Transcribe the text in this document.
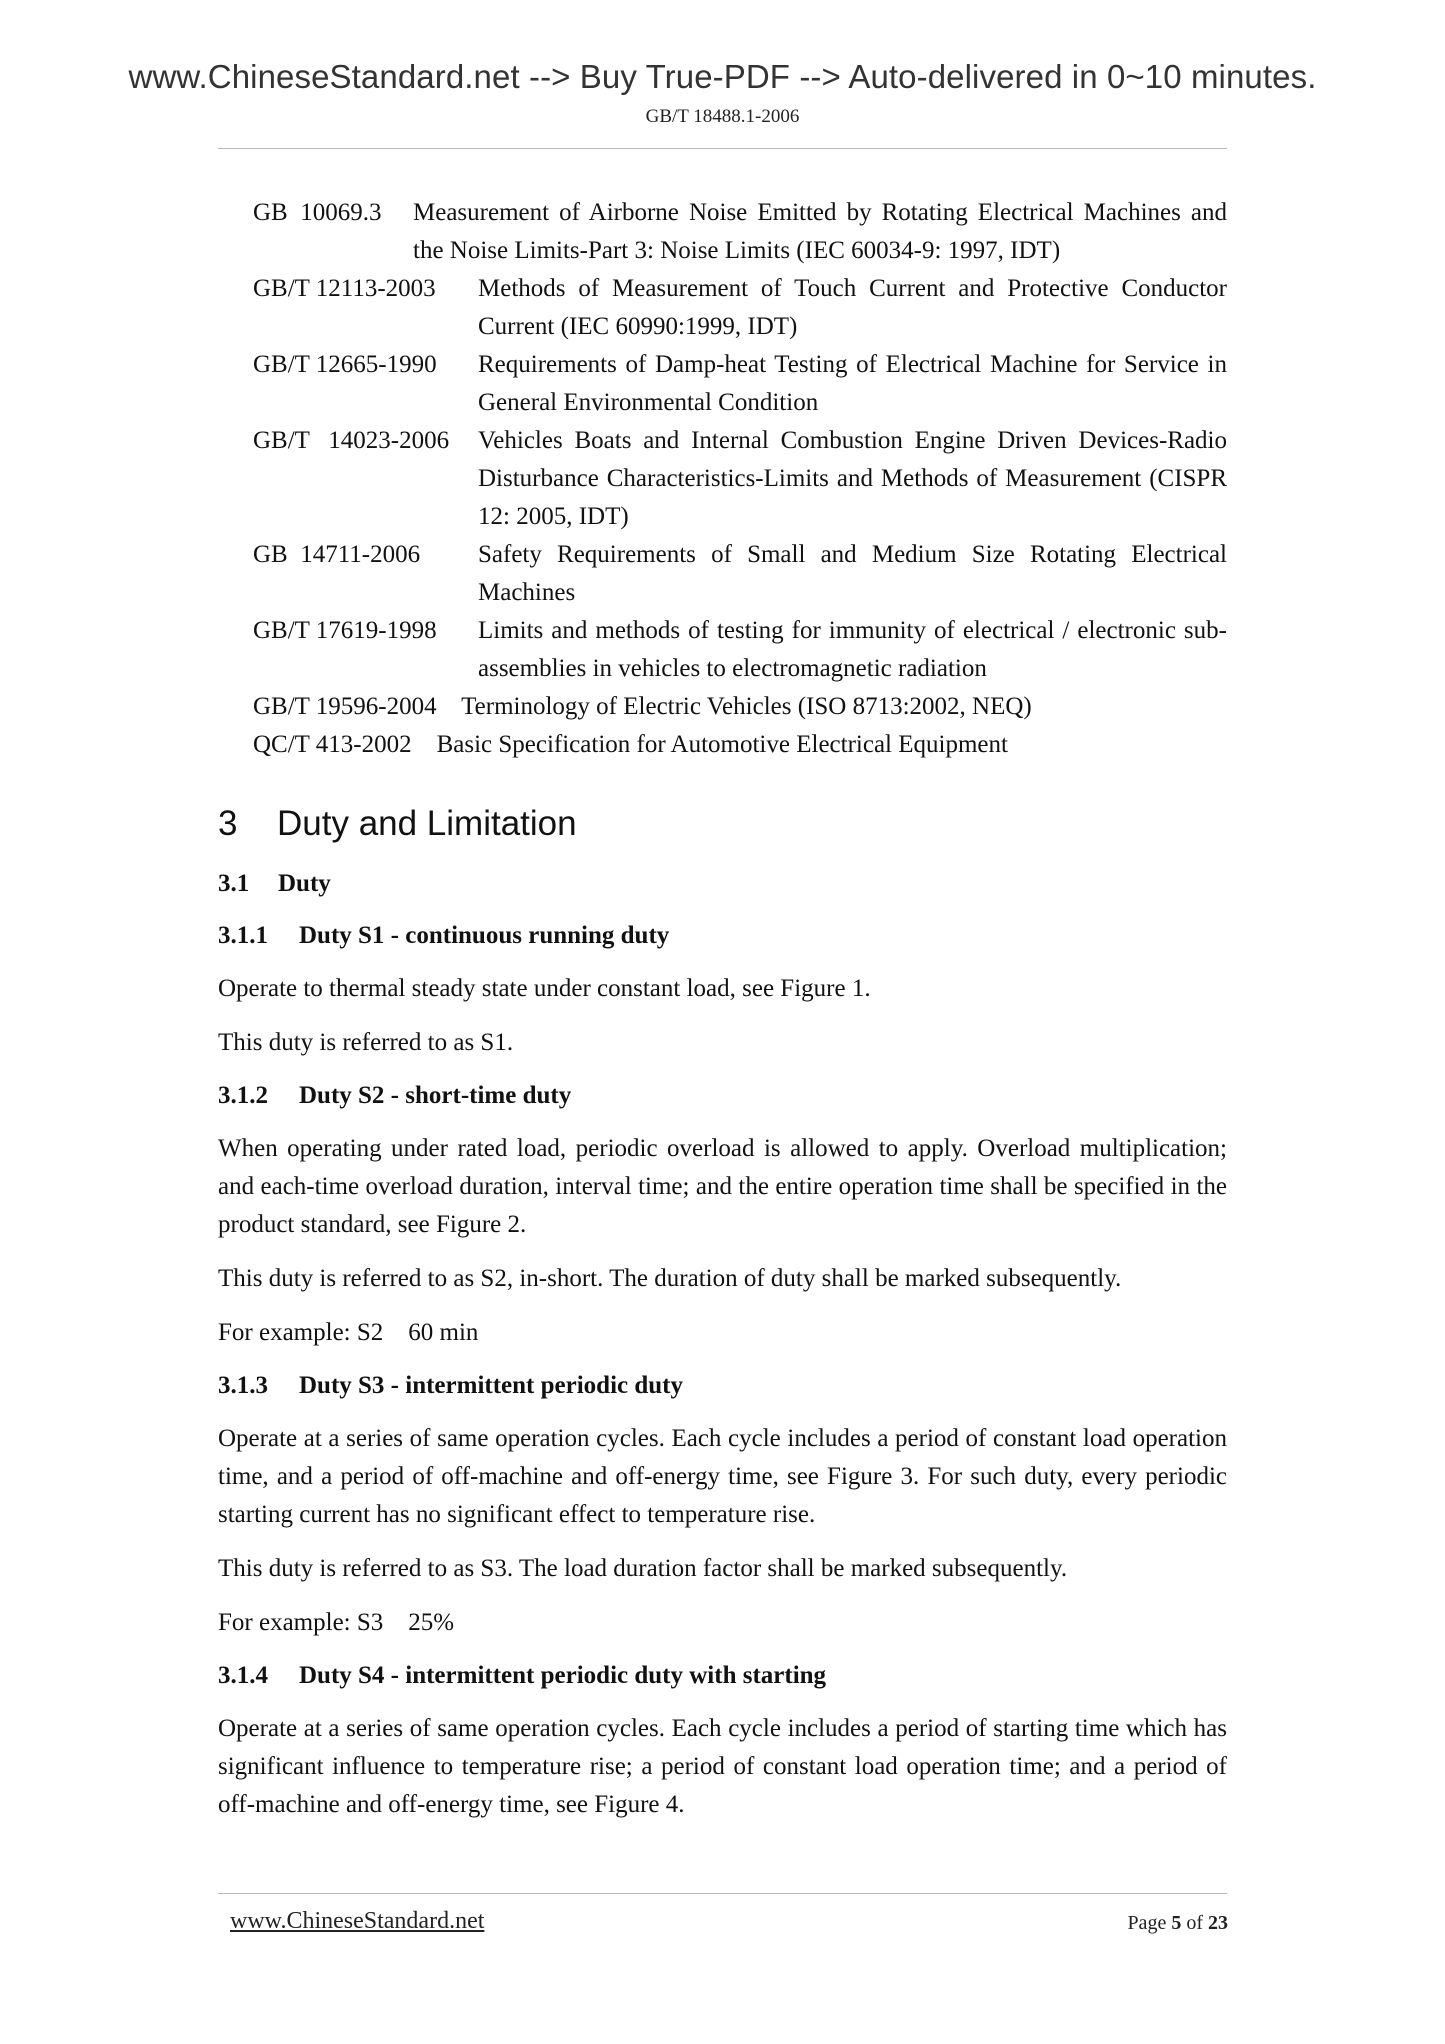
www.ChineseStandard.net --> Buy True-PDF --> Auto-delivered in 0~10 minutes.
GB/T 18488.1-2006
GB  10069.3 Measurement of Airborne Noise Emitted by Rotating Electrical Machines and the Noise Limits-Part 3: Noise Limits (IEC 60034-9: 1997, IDT)
GB/T 12113-2003 Methods of Measurement of Touch Current and Protective Conductor Current (IEC 60990:1999, IDT)
GB/T 12665-1990 Requirements of Damp-heat Testing of Electrical Machine for Service in General Environmental Condition
GB/T   14023-2006 Vehicles Boats and Internal Combustion Engine Driven Devices-Radio Disturbance Characteristics-Limits and Methods of Measurement (CISPR 12: 2005, IDT)
GB  14711-2006 Safety Requirements of Small and Medium Size Rotating Electrical Machines
GB/T 17619-1998 Limits and methods of testing for immunity of electrical / electronic sub-assemblies in vehicles to electromagnetic radiation
GB/T 19596-2004 Terminology of Electric Vehicles (ISO 8713:2002, NEQ)
QC/T 413-2002 Basic Specification for Automotive Electrical Equipment
3 Duty and Limitation
3.1 Duty
3.1.1 Duty S1 - continuous running duty
Operate to thermal steady state under constant load, see Figure 1.
This duty is referred to as S1.
3.1.2 Duty S2 - short-time duty
When operating under rated load, periodic overload is allowed to apply. Overload multiplication; and each-time overload duration, interval time; and the entire operation time shall be specified in the product standard, see Figure 2.
This duty is referred to as S2, in-short. The duration of duty shall be marked subsequently.
For example: S2    60 min
3.1.3 Duty S3 - intermittent periodic duty
Operate at a series of same operation cycles. Each cycle includes a period of constant load operation time, and a period of off-machine and off-energy time, see Figure 3. For such duty, every periodic starting current has no significant effect to temperature rise.
This duty is referred to as S3. The load duration factor shall be marked subsequently.
For example: S3    25%
3.1.4 Duty S4 - intermittent periodic duty with starting
Operate at a series of same operation cycles. Each cycle includes a period of starting time which has significant influence to temperature rise; a period of constant load operation time; and a period of off-machine and off-energy time, see Figure 4.
www.ChineseStandard.net	Page 5 of 23
